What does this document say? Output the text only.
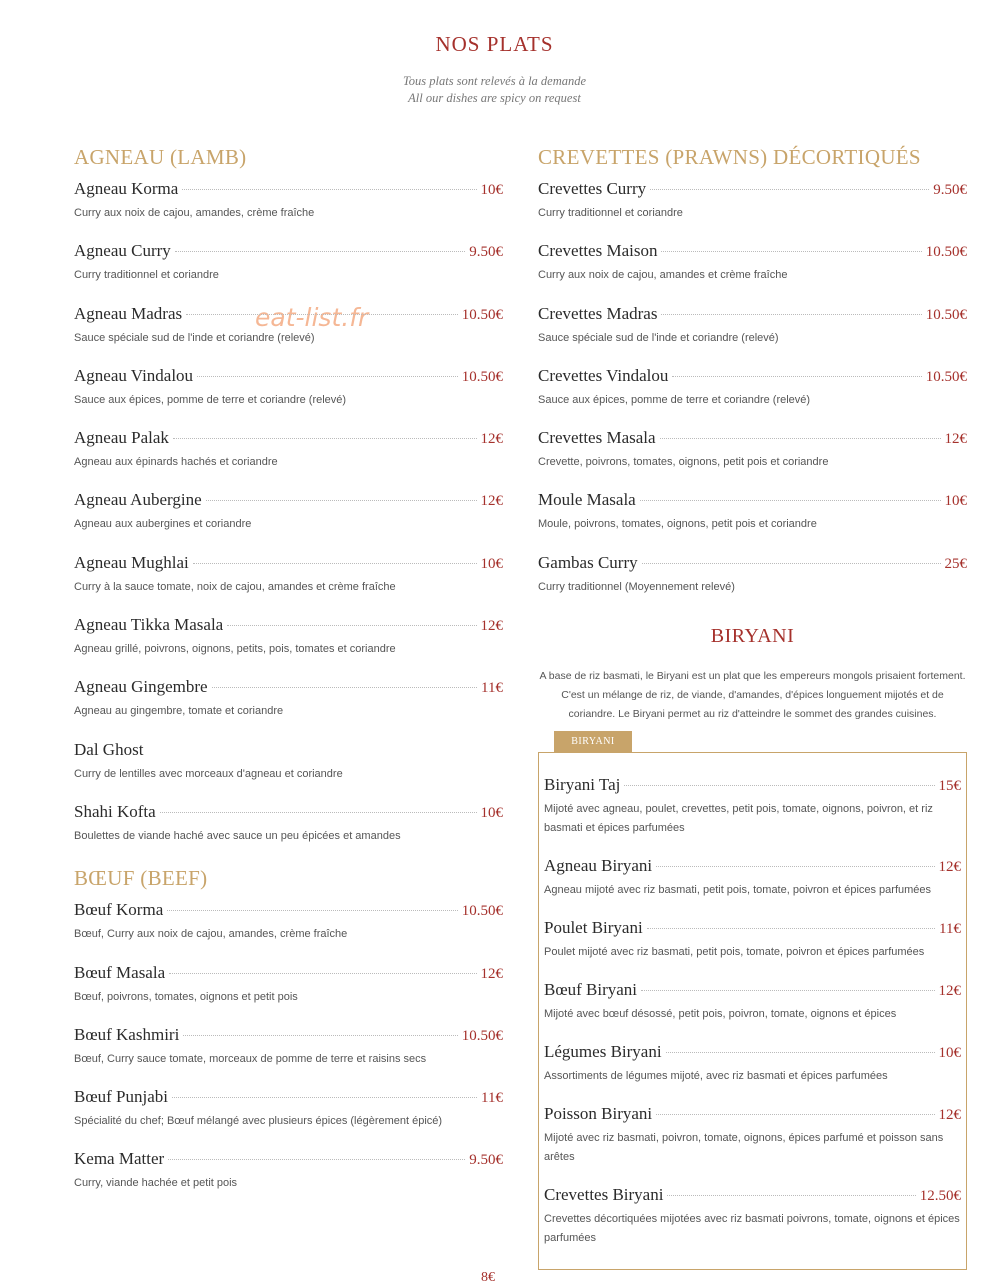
NOS PLATS
Tous plats sont relevés à la demande
All our dishes are spicy on request
eat-list.fr
AGNEAU (LAMB)
Agneau Korma	10€
Curry aux noix de cajou, amandes, crème fraîche
Agneau Curry	9.50€
Curry traditionnel et coriandre
Agneau Madras	10.50€
Sauce spéciale sud de l'inde et coriandre (relevé)
Agneau Vindalou	10.50€
Sauce aux épices, pomme de terre et coriandre (relevé)
Agneau Palak	12€
Agneau aux épinards hachés et coriandre
Agneau Aubergine	12€
Agneau aux aubergines et coriandre
Agneau Mughlai	10€
Curry à la sauce tomate, noix de cajou, amandes et crème fraîche
Agneau Tikka Masala	12€
Agneau grillé, poivrons, oignons, petits, pois, tomates et coriandre
Agneau Gingembre	11€
Agneau au gingembre, tomate et coriandre
Dal Ghost
Curry de lentilles avec morceaux d'agneau et coriandre
Shahi Kofta	10€
Boulettes de viande haché avec sauce un peu épicées et amandes
BŒUF (BEEF)
Bœuf Korma	10.50€
Bœuf, Curry aux noix de cajou, amandes, crème fraîche
Bœuf Masala	12€
Bœuf, poivrons, tomates, oignons et petit pois
Bœuf Kashmiri	10.50€
Bœuf, Curry sauce tomate, morceaux de pomme de terre et raisins secs
Bœuf Punjabi	11€
Spécialité du chef; Bœuf mélangé avec plusieurs épices (légèrement épicé)
Kema Matter	9.50€
Curry, viande hachée et petit pois
CREVETTES (PRAWNS) DÉCORTIQUÉS
Crevettes Curry	9.50€
Curry traditionnel et coriandre
Crevettes Maison	10.50€
Curry aux noix de cajou, amandes et crème fraîche
Crevettes Madras	10.50€
Sauce spéciale sud de l'inde et coriandre (relevé)
Crevettes Vindalou	10.50€
Sauce aux épices, pomme de terre et coriandre (relevé)
Crevettes Masala	12€
Crevette, poivrons, tomates, oignons, petit pois et coriandre
Moule Masala	10€
Moule, poivrons, tomates, oignons, petit pois et coriandre
Gambas Curry	25€
Curry traditionnel (Moyennement relevé)
BIRYANI

A base de riz basmati, le Biryani est un plat que les empereurs mongols prisaient fortement. C'est un mélange de riz, de viande, d'amandes, d'épices longuement mijotés et de coriandre. Le Biryani permet au riz d'atteindre le sommet des grandes cuisines.

Biryani Taj	15€
Mijoté avec agneau, poulet, crevettes, petit pois, tomate, oignons, poivron, et riz basmati et épices parfumées
Agneau Biryani	12€
Agneau mijoté avec riz basmati, petit pois, tomate, poivron et épices parfumées
Poulet Biryani	11€
Poulet mijoté avec riz basmati, petit pois, tomate, poivron et épices parfumées
Bœuf Biryani	12€
Mijoté avec bœuf désossé, petit pois, poivron, tomate, oignons et épices
Légumes Biryani	10€
Assortiments de légumes mijoté, avec riz basmati et épices parfumées
Poisson Biryani	12€
Mijoté avec riz basmati, poivron, tomate, oignons, épices parfumé et poisson sans arêtes
Crevettes Biryani	12.50€
Crevettes décortiquées mijotées avec riz basmati poivrons, tomate, oignons et épices parfumées
BIRYANI
8€
